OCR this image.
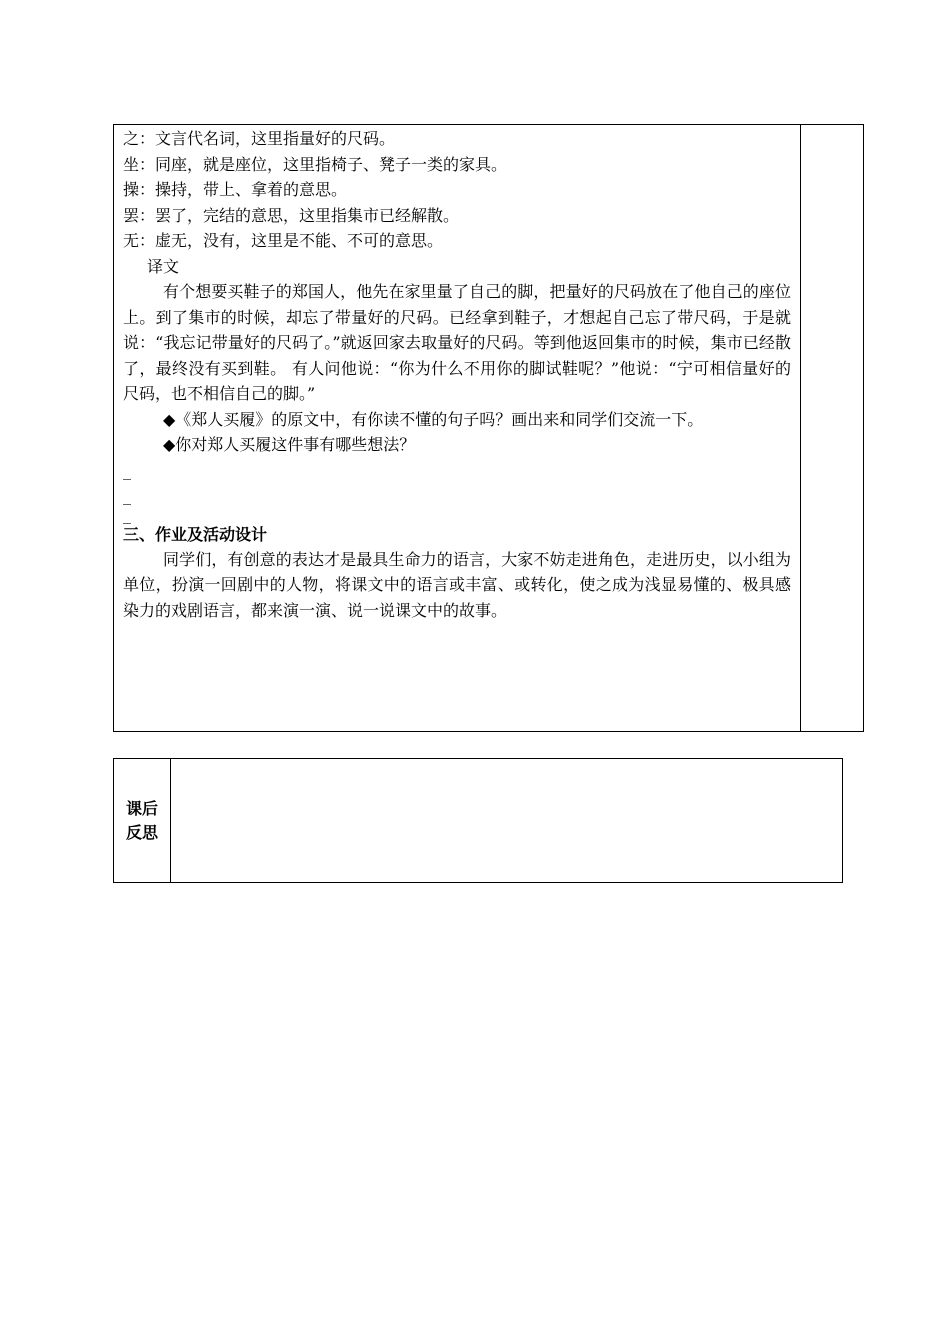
之：文言代名词，这里指量好的尺码。
坐：同座，就是座位，这里指椅子、凳子一类的家具。
操：操持，带上、拿着的意思。
罢：罢了，完结的意思，这里指集市已经解散。
无：虚无，没有，这里是不能、不可的意思。
译文
有个想要买鞋子的郑国人，他先在家里量了自己的脚，把量好的尺码放在了他自己的座位上。到了集市的时候，却忘了带量好的尺码。已经拿到鞋子，才想起自己忘了带尺码，于是就说：“我忘记带量好的尺码了。”就返回家去取量好的尺码。等到他返回集市的时候，集市已经散了，最终没有买到鞋。 有人问他说：“你为什么不用你的脚试鞋呢？”他说：“宁可相信量好的尺码，也不相信自己的脚。”
◆《郑人买履》的原文中，有你读不懂的句子吗？画出来和同学们交流一下。
◆你对郑人买履这件事有哪些想法？
_
_
_
三、作业及活动设计
同学们，有创意的表达才是最具生命力的语言，大家不妨走进角色，走进历史，以小组为单位，扮演一回剧中的人物，将课文中的语言或丰富、或转化，使之成为浅显易懂的、极具感染力的戏剧语言，都来演一演、说一说课文中的故事。
课后
反思
